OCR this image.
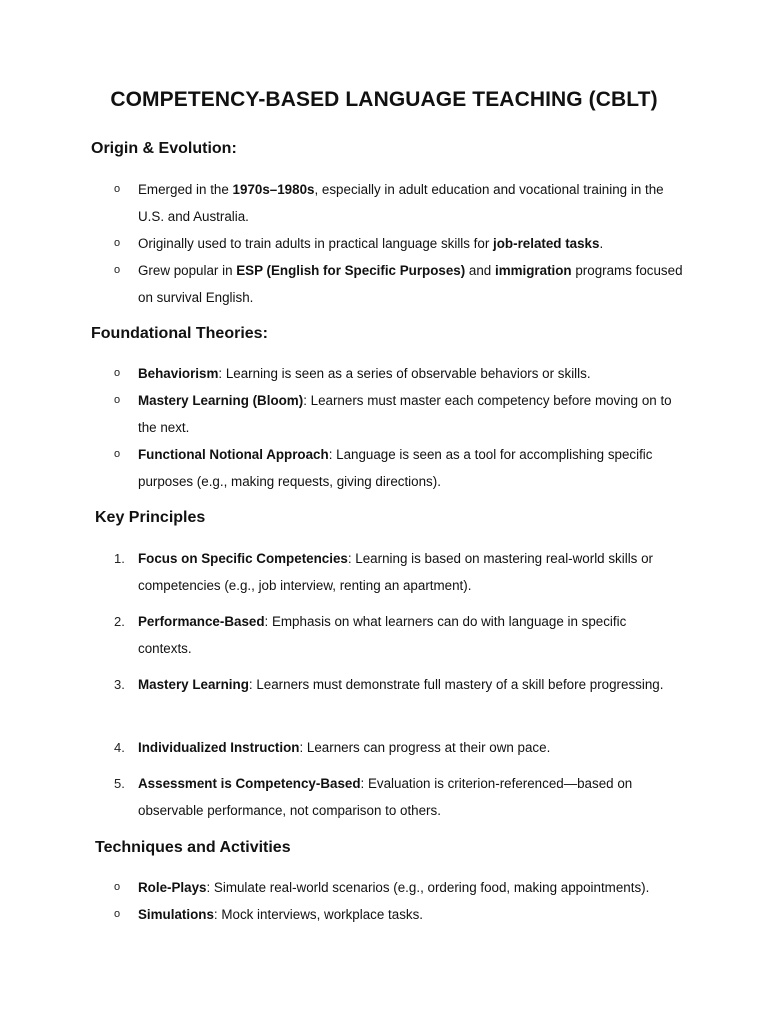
COMPETENCY-BASED LANGUAGE TEACHING (CBLT)
Origin & Evolution:
o	Emerged in the 1970s–1980s, especially in adult education and vocational training in the U.S. and Australia.
o	Originally used to train adults in practical language skills for job-related tasks.
o	Grew popular in ESP (English for Specific Purposes) and immigration programs focused on survival English.
Foundational Theories:
o	Behaviorism: Learning is seen as a series of observable behaviors or skills.
o	Mastery Learning (Bloom): Learners must master each competency before moving on to the next.
o	Functional Notional Approach: Language is seen as a tool for accomplishing specific purposes (e.g., making requests, giving directions).
Key Principles
1. Focus on Specific Competencies: Learning is based on mastering real-world skills or competencies (e.g., job interview, renting an apartment).
2. Performance-Based: Emphasis on what learners can do with language in specific contexts.
3. Mastery Learning: Learners must demonstrate full mastery of a skill before progressing.
4. Individualized Instruction: Learners can progress at their own pace.
5. Assessment is Competency-Based: Evaluation is criterion-referenced—based on observable performance, not comparison to others.
Techniques and Activities
o	Role-Plays: Simulate real-world scenarios (e.g., ordering food, making appointments).
o	Simulations: Mock interviews, workplace tasks.
